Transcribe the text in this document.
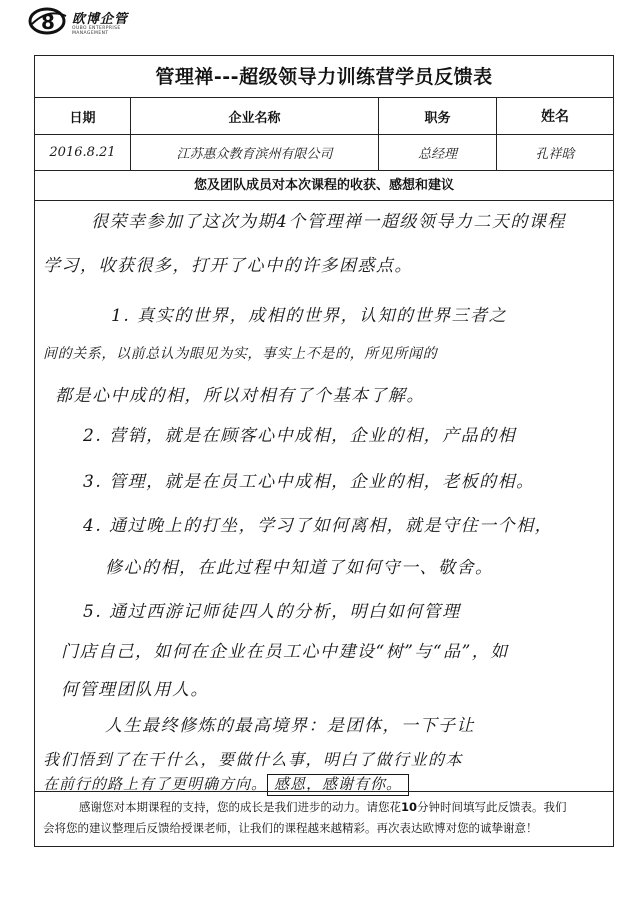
8 欧博企管
OUBO ENTERPRISE MANAGEMENT
管理禅---超级领导力训练营学员反馈表
日期	企业名称	职务	姓名
2016.8.21	江苏惠众教育滨州有限公司	总经理	孔祥晗
您及团队成员对本次课程的收获、感想和建议
很荣幸参加了这次为期4个管理禅一超级领导力二天的课程
学习，收获很多，打开了心中的许多困惑点。
1. 真实的世界，成相的世界，认知的世界三者之
间的关系，以前总认为眼见为实，事实上不是的，所见所闻的
都是心中成的相，所以对相有了个基本了解。
2. 营销，就是在顾客心中成相，企业的相，产品的相
3. 管理，就是在员工心中成相，企业的相，老板的相。
4. 通过晚上的打坐，学习了如何离相，就是守住一个相，
修心的相，在此过程中知道了如何守一、敬舍。
5. 通过西游记师徒四人的分析，明白如何管理
门店自己，如何在企业在员工心中建设“树”与“品”，如
何管理团队用人。
人生最终修炼的最高境界：是团体，一下子让
我们悟到了在干什么，要做什么事，明白了做行业的本
在前行的路上有了更明确方向。 感恩，感谢有你。
感谢您对本期课程的支持，您的成长是我们进步的动力。请您花10分钟时间填写此反馈表。我们
会将您的建议整理后反馈给授课老师，让我们的课程越来越精彩。再次表达欧博对您的诚挚谢意！
